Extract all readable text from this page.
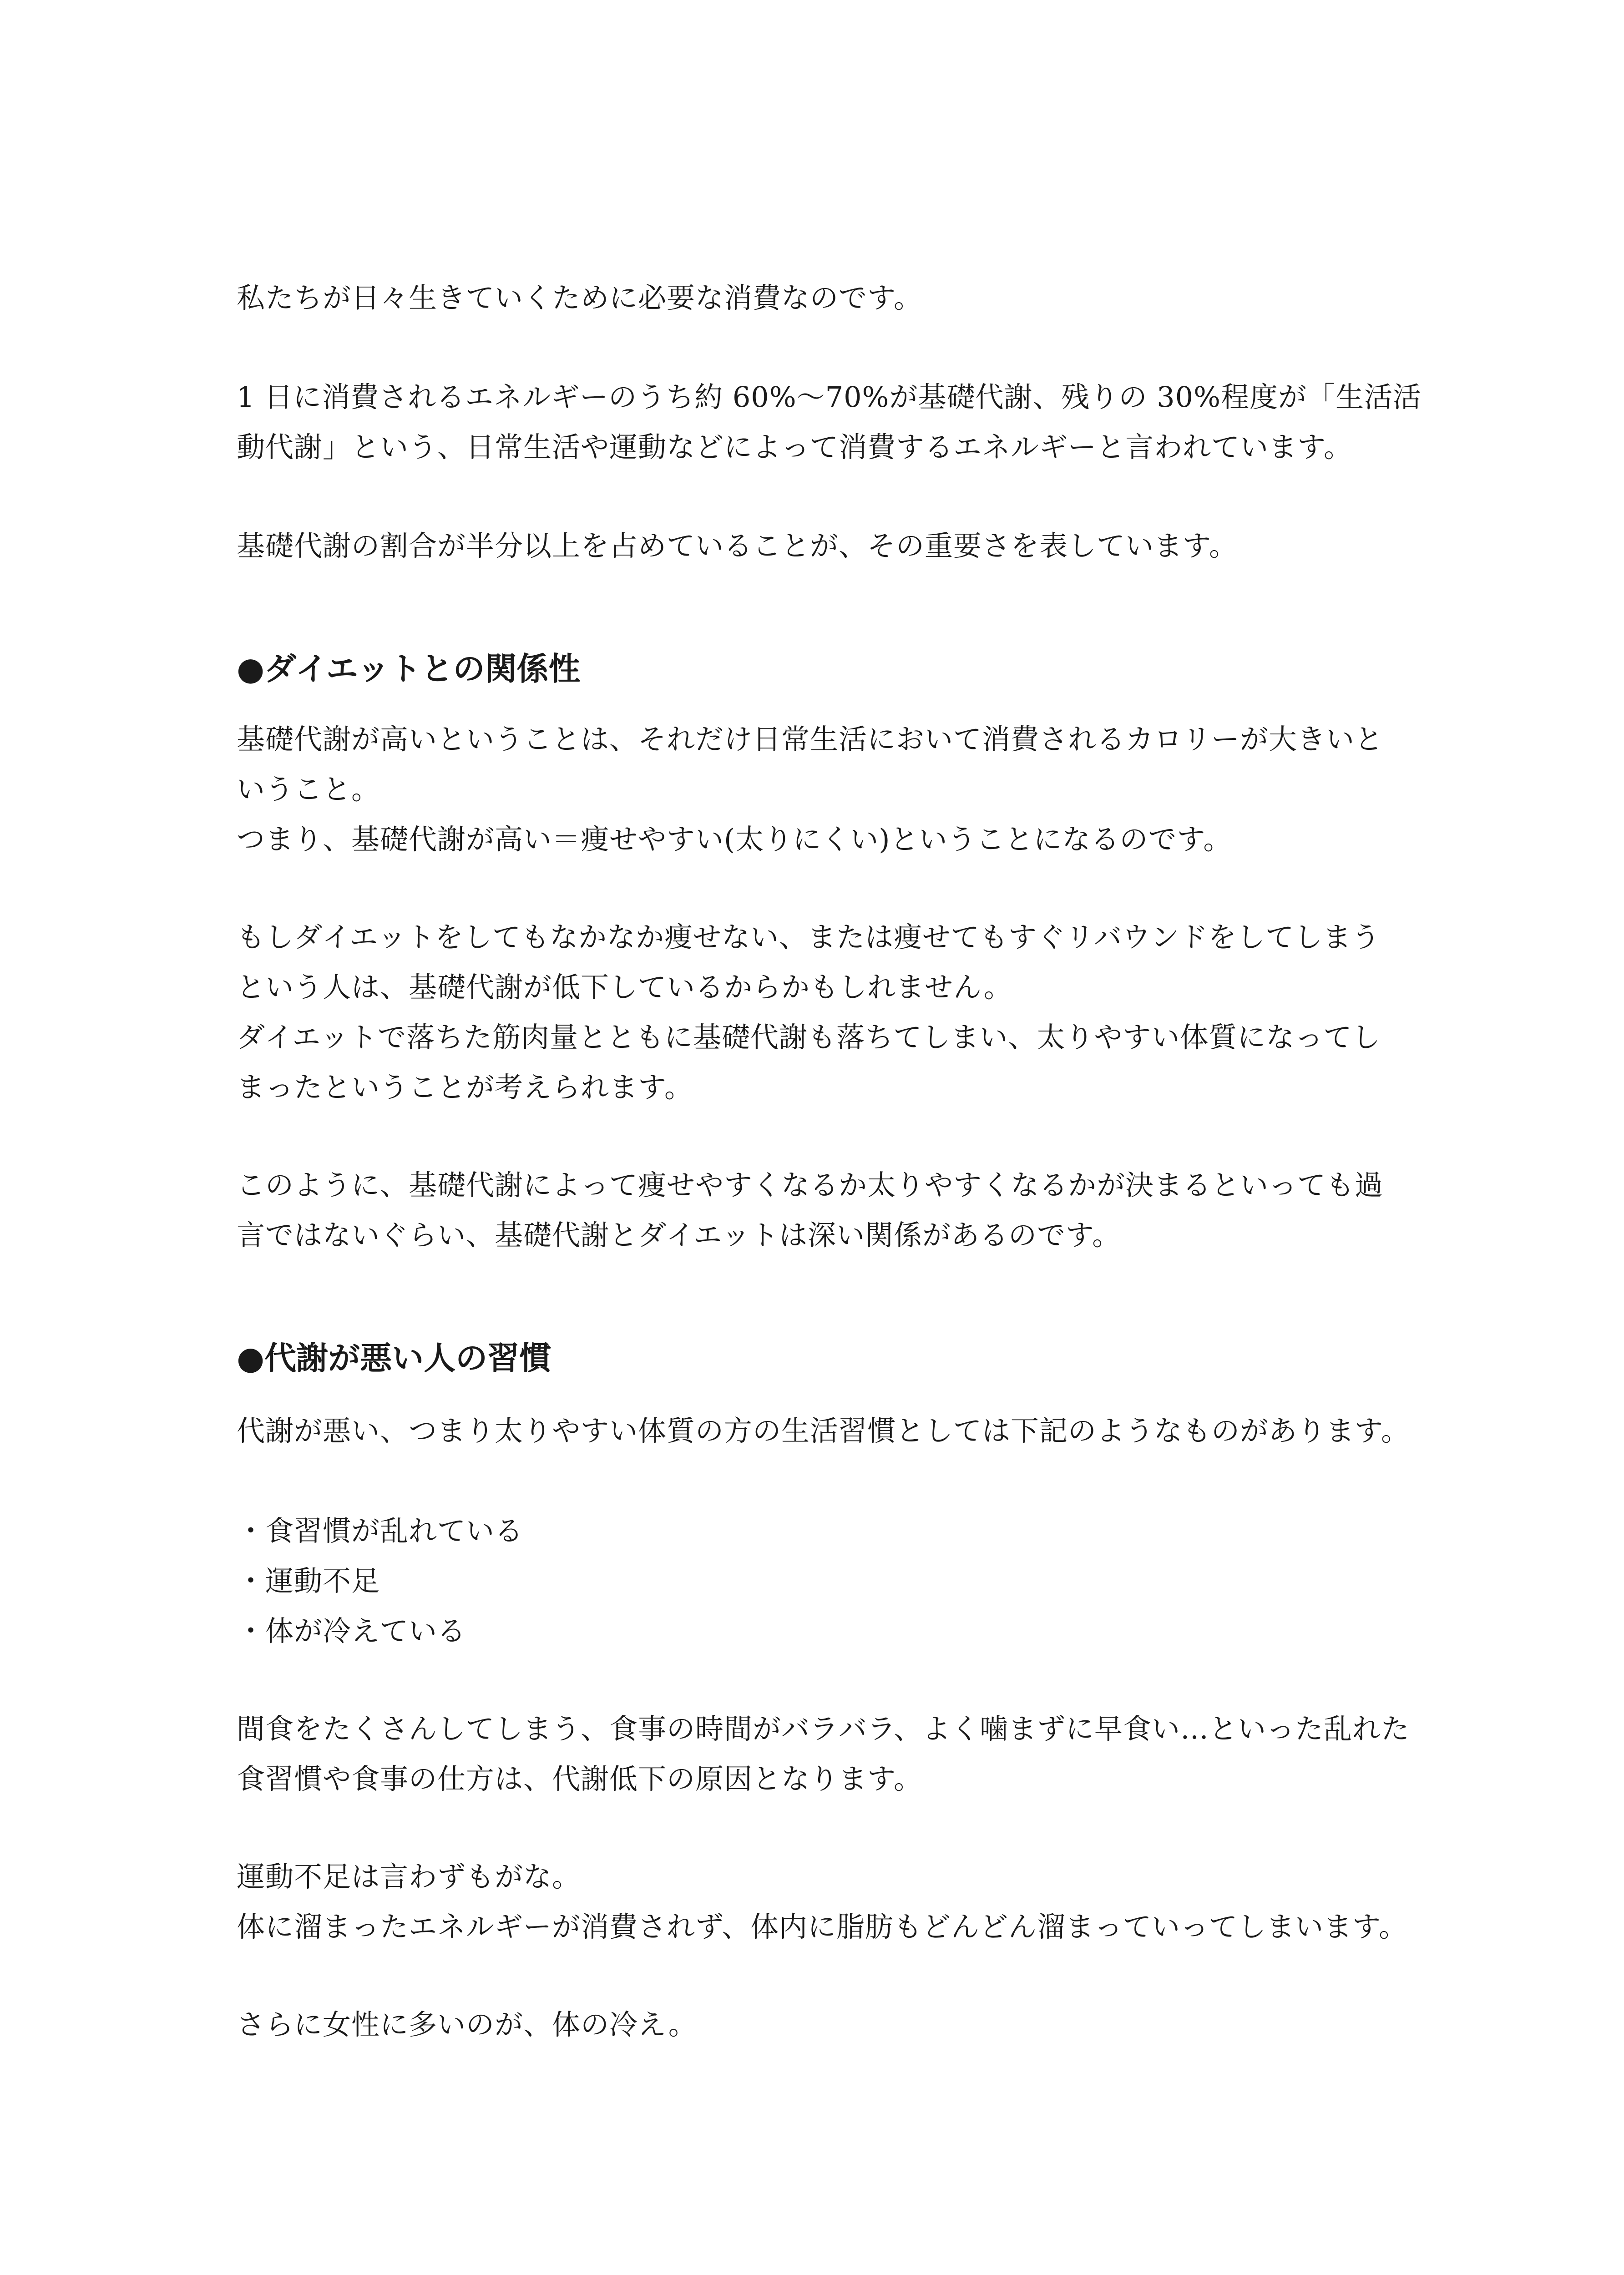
私たちが日々生きていくために必要な消費なのです。
1 日に消費されるエネルギーのうち約 60%〜70%が基礎代謝、残りの 30%程度が「生活活
動代謝」という、日常生活や運動などによって消費するエネルギーと言われています。
基礎代謝の割合が半分以上を占めていることが、その重要さを表しています。
●ダイエットとの関係性
基礎代謝が高いということは、それだけ日常生活において消費されるカロリーが大きいと
いうこと。
つまり、基礎代謝が高い＝痩せやすい(太りにくい)ということになるのです。
もしダイエットをしてもなかなか痩せない、または痩せてもすぐリバウンドをしてしまう
という人は、基礎代謝が低下しているからかもしれません。
ダイエットで落ちた筋肉量とともに基礎代謝も落ちてしまい、太りやすい体質になってし
まったということが考えられます。
このように、基礎代謝によって痩せやすくなるか太りやすくなるかが決まるといっても過
言ではないぐらい、基礎代謝とダイエットは深い関係があるのです。
●代謝が悪い人の習慣
代謝が悪い、つまり太りやすい体質の方の生活習慣としては下記のようなものがあります。
・食習慣が乱れている
・運動不足
・体が冷えている
間食をたくさんしてしまう、食事の時間がバラバラ、よく噛まずに早食い…といった乱れた
食習慣や食事の仕方は、代謝低下の原因となります。
運動不足は言わずもがな。
体に溜まったエネルギーが消費されず、体内に脂肪もどんどん溜まっていってしまいます。
さらに女性に多いのが、体の冷え。
